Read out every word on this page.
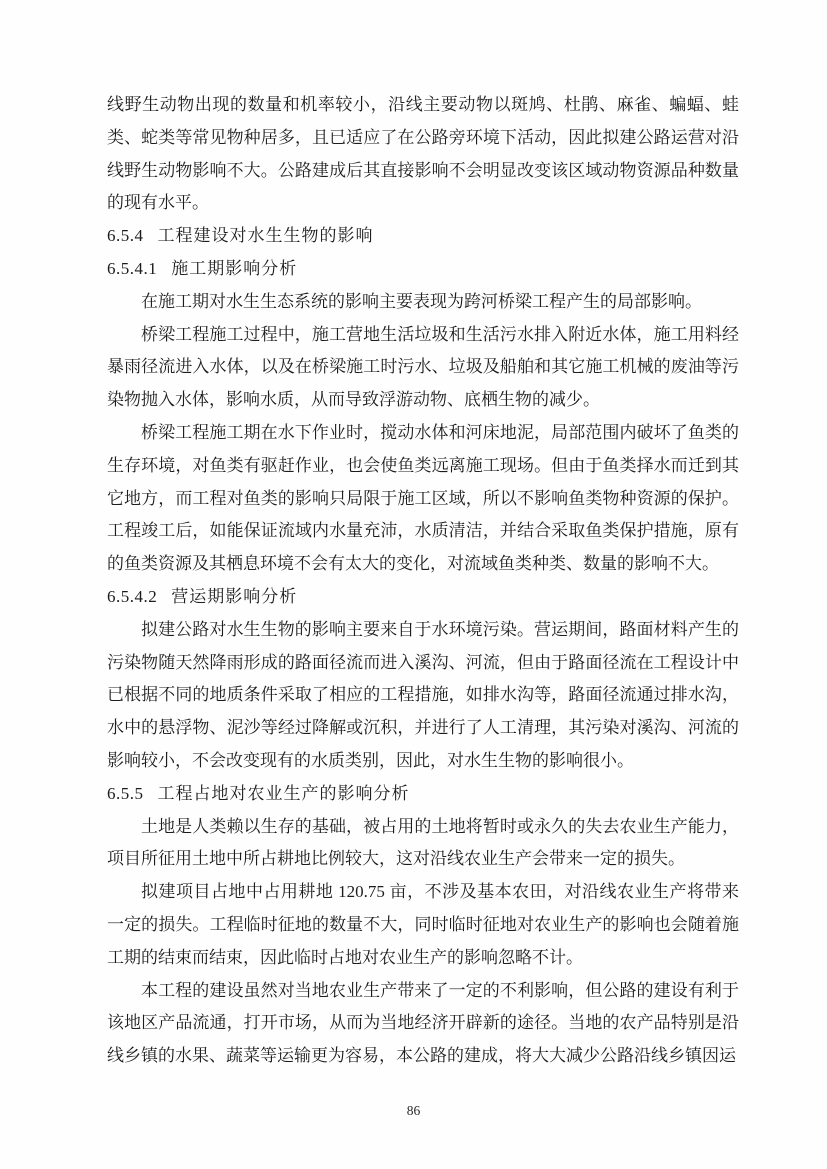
线野生动物出现的数量和机率较小，沿线主要动物以斑鸠、杜鹃、麻雀、蝙蝠、蛙类、蛇类等常见物种居多，且已适应了在公路旁环境下活动，因此拟建公路运营对沿线野生动物影响不大。公路建成后其直接影响不会明显改变该区域动物资源品种数量的现有水平。

6.5.4 工程建设对水生生物的影响
6.5.4.1 施工期影响分析

在施工期对水生生态系统的影响主要表现为跨河桥梁工程产生的局部影响。

桥梁工程施工过程中，施工营地生活垃圾和生活污水排入附近水体，施工用料经暴雨径流进入水体，以及在桥梁施工时污水、垃圾及船舶和其它施工机械的废油等污染物抛入水体，影响水质，从而导致浮游动物、底栖生物的减少。

桥梁工程施工期在水下作业时，搅动水体和河床地泥，局部范围内破坏了鱼类的生存环境，对鱼类有驱赶作业，也会使鱼类远离施工现场。但由于鱼类择水而迁到其它地方，而工程对鱼类的影响只局限于施工区域，所以不影响鱼类物种资源的保护。工程竣工后，如能保证流域内水量充沛，水质清洁，并结合采取鱼类保护措施，原有的鱼类资源及其栖息环境不会有太大的变化，对流域鱼类种类、数量的影响不大。

6.5.4.2 营运期影响分析

拟建公路对水生生物的影响主要来自于水环境污染。营运期间，路面材料产生的污染物随天然降雨形成的路面径流而进入溪沟、河流，但由于路面径流在工程设计中已根据不同的地质条件采取了相应的工程措施，如排水沟等，路面径流通过排水沟，水中的悬浮物、泥沙等经过降解或沉积，并进行了人工清理，其污染对溪沟、河流的影响较小，不会改变现有的水质类别，因此，对水生生物的影响很小。

6.5.5 工程占地对农业生产的影响分析

土地是人类赖以生存的基础，被占用的土地将暂时或永久的失去农业生产能力，项目所征用土地中所占耕地比例较大，这对沿线农业生产会带来一定的损失。

拟建项目占地中占用耕地 120.75 亩，不涉及基本农田，对沿线农业生产将带来一定的损失。工程临时征地的数量不大，同时临时征地对农业生产的影响也会随着施工期的结束而结束，因此临时占地对农业生产的影响忽略不计。

本工程的建设虽然对当地农业生产带来了一定的不利影响，但公路的建设有利于该地区产品流通，打开市场，从而为当地经济开辟新的途径。当地的农产品特别是沿线乡镇的水果、蔬菜等运输更为容易，本公路的建成，将大大减少公路沿线乡镇因运

86
